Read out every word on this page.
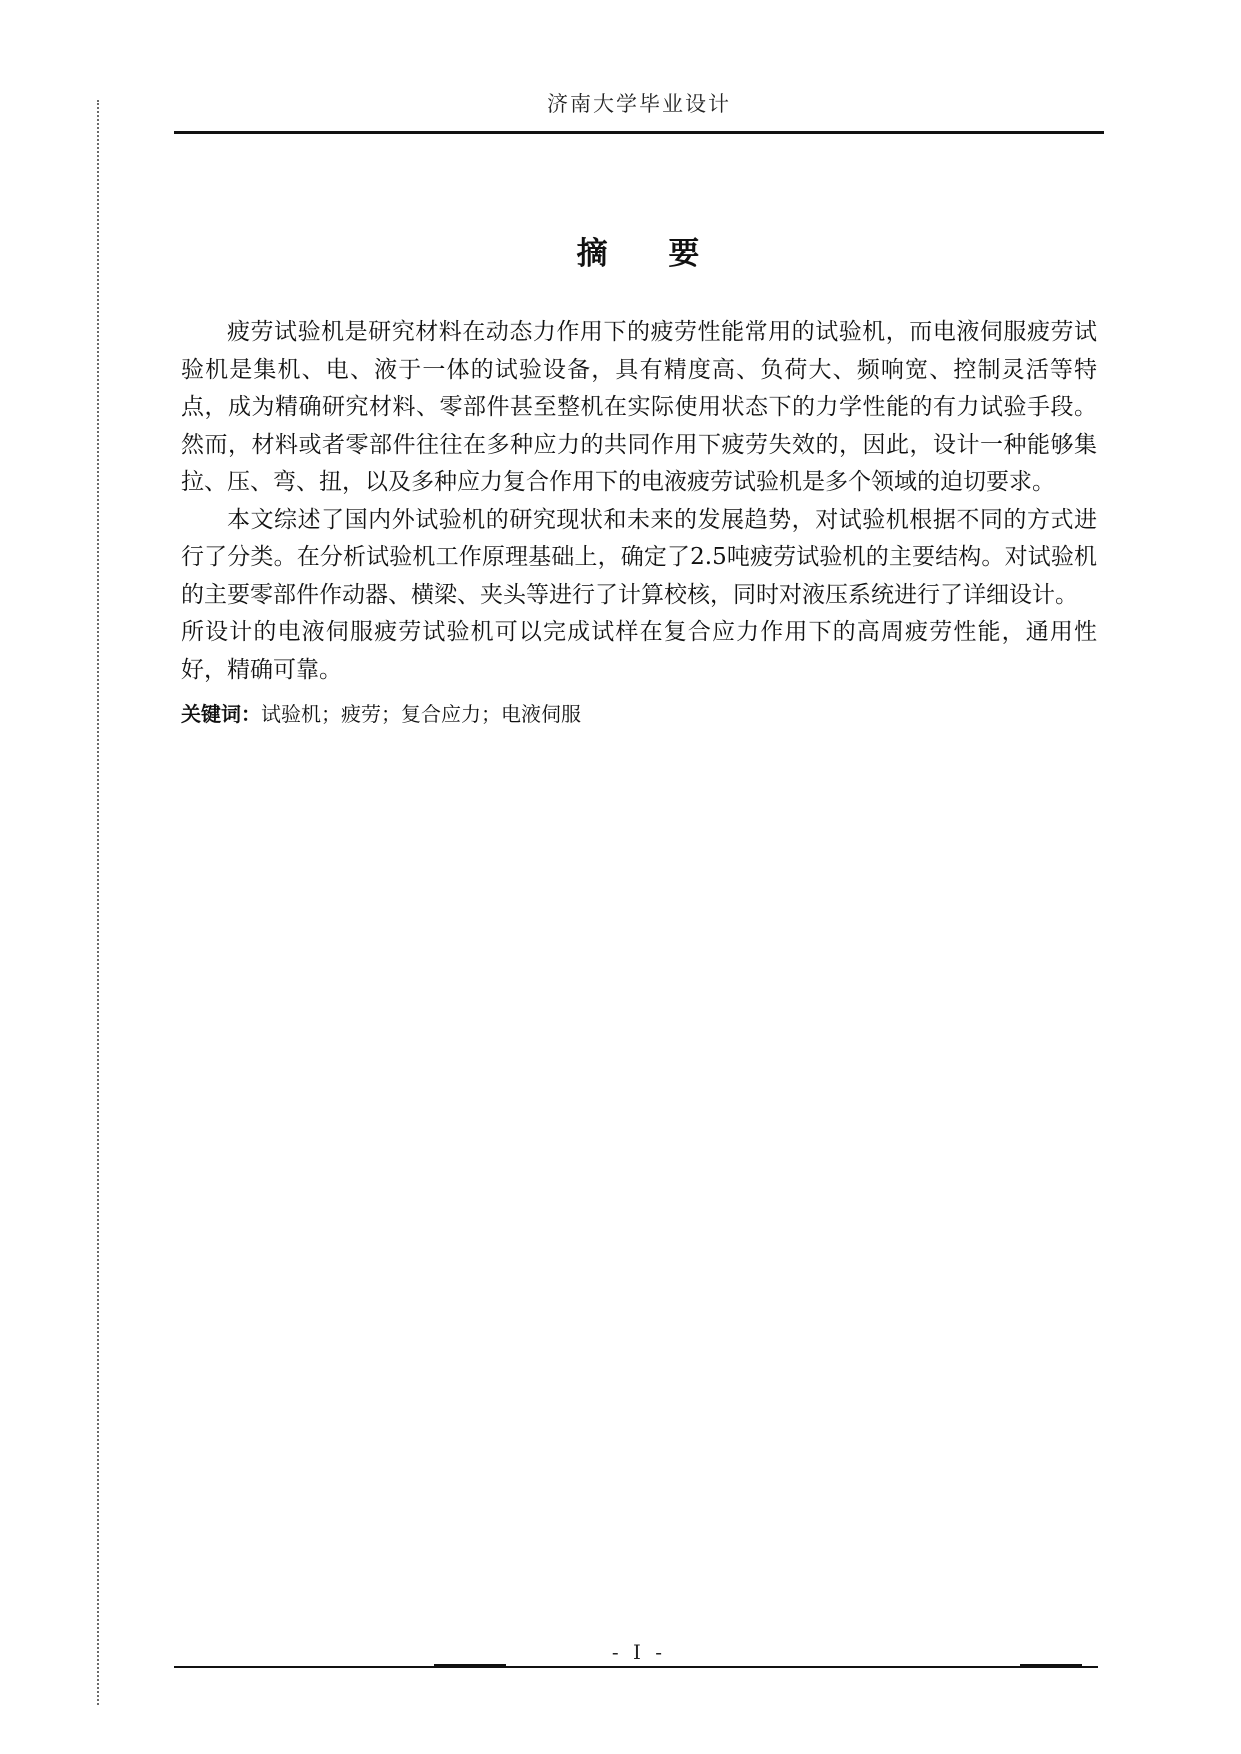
济南大学毕业设计
摘 要

疲劳试验机是研究材料在动态力作用下的疲劳性能常用的试验机，而电液伺服疲劳试验机是集机、电、液于一体的试验设备，具有精度高、负荷大、频响宽、控制灵活等特点，成为精确研究材料、零部件甚至整机在实际使用状态下的力学性能的有力试验手段。然而，材料或者零部件往往在多种应力的共同作用下疲劳失效的，因此，设计一种能够集拉、压、弯、扭，以及多种应力复合作用下的电液疲劳试验机是多个领域的迫切要求。

本文综述了国内外试验机的研究现状和未来的发展趋势，对试验机根据不同的方式进行了分类。在分析试验机工作原理基础上，确定了2.5吨疲劳试验机的主要结构。对试验机的主要零部件作动器、横梁、夹头等进行了计算校核，同时对液压系统进行了详细设计。

所设计的电液伺服疲劳试验机可以完成试样在复合应力作用下的高周疲劳性能，通用性好，精确可靠。

关键词：试验机；疲劳；复合应力；电液伺服
- I -
